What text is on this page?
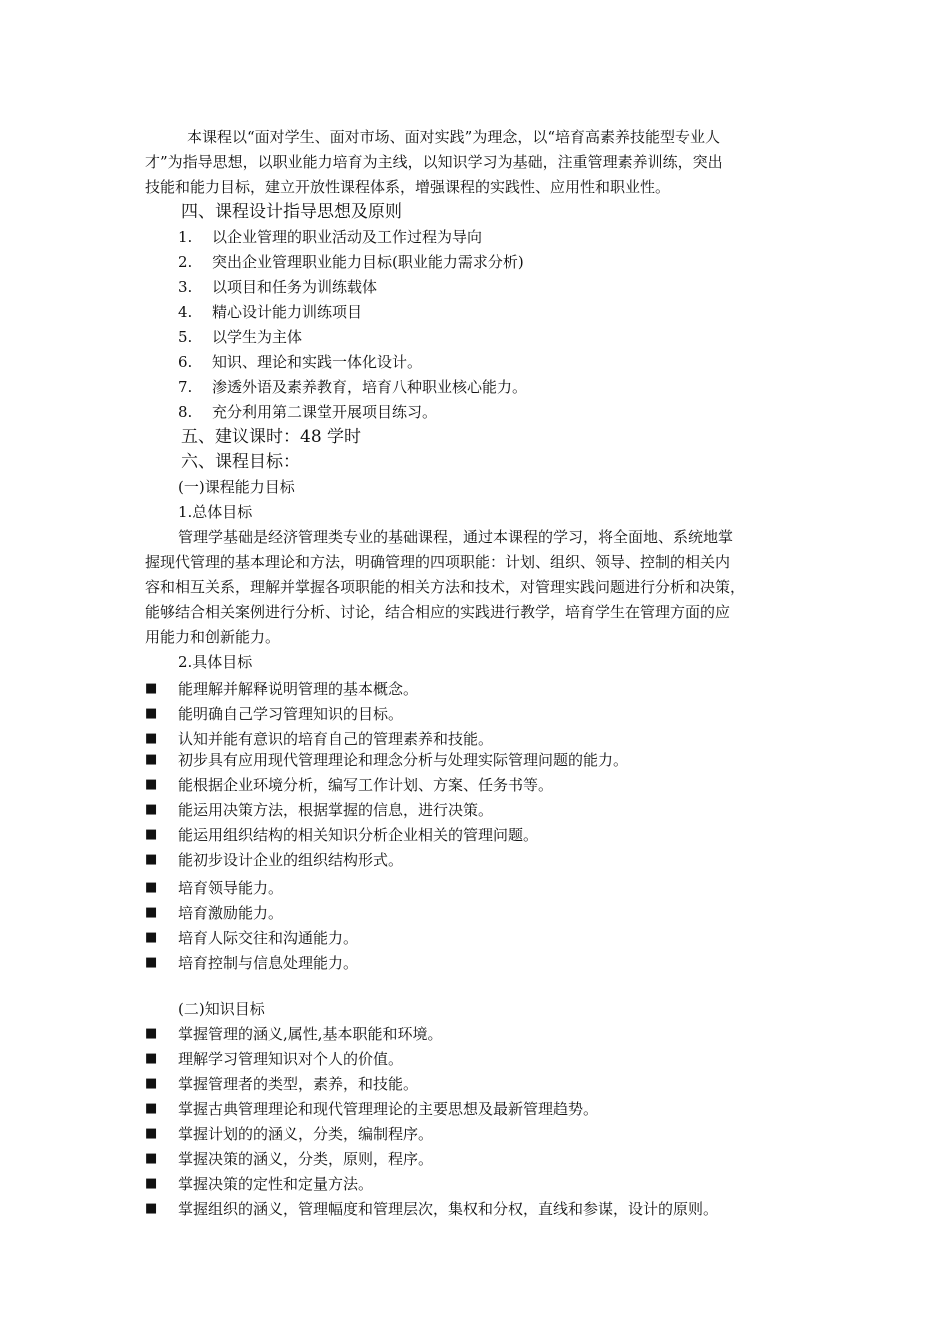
本课程以“面对学生、面对市场、面对实践”为理念，以“培育高素养技能型专业人
才”为指导思想，以职业能力培育为主线，以知识学习为基础，注重管理素养训练，突出
技能和能力目标，建立开放性课程体系，增强课程的实践性、应用性和职业性。
四、课程设计指导思想及原则
1. 以企业管理的职业活动及工作过程为导向
2. 突出企业管理职业能力目标(职业能力需求分析)
3. 以项目和任务为训练载体
4. 精心设计能力训练项目
5. 以学生为主体
6. 知识、理论和实践一体化设计。
7. 渗透外语及素养教育，培育八种职业核心能力。
8. 充分利用第二课堂开展项目练习。
五、建议课时：48 学时
六、课程目标：
(一)课程能力目标
1.总体目标
管理学基础是经济管理类专业的基础课程，通过本课程的学习，将全面地、系统地掌
握现代管理的基本理论和方法，明确管理的四项职能：计划、组织、领导、控制的相关内
容和相互关系，理解并掌握各项职能的相关方法和技术，对管理实践问题进行分析和决策，
能够结合相关案例进行分析、讨论，结合相应的实践进行教学，培育学生在管理方面的应
用能力和创新能力。
2.具体目标
■ 能理解并解释说明管理的基本概念。
■ 能明确自己学习管理知识的目标。
■ 认知并能有意识的培育自己的管理素养和技能。
■ 初步具有应用现代管理理论和理念分析与处理实际管理问题的能力。
■ 能根据企业环境分析，编写工作计划、方案、任务书等。
■ 能运用决策方法，根据掌握的信息，进行决策。
■ 能运用组织结构的相关知识分析企业相关的管理问题。
■ 能初步设计企业的组织结构形式。
■ 培育领导能力。
■ 培育激励能力。
■ 培育人际交往和沟通能力。
■ 培育控制与信息处理能力。
(二)知识目标
■ 掌握管理的涵义,属性,基本职能和环境。
■ 理解学习管理知识对个人的价值。
■ 掌握管理者的类型，素养，和技能。
■ 掌握古典管理理论和现代管理理论的主要思想及最新管理趋势。
■ 掌握计划的的涵义，分类，编制程序。
■ 掌握决策的涵义，分类，原则，程序。
■ 掌握决策的定性和定量方法。
■ 掌握组织的涵义，管理幅度和管理层次，集权和分权，直线和参谋，设计的原则。
